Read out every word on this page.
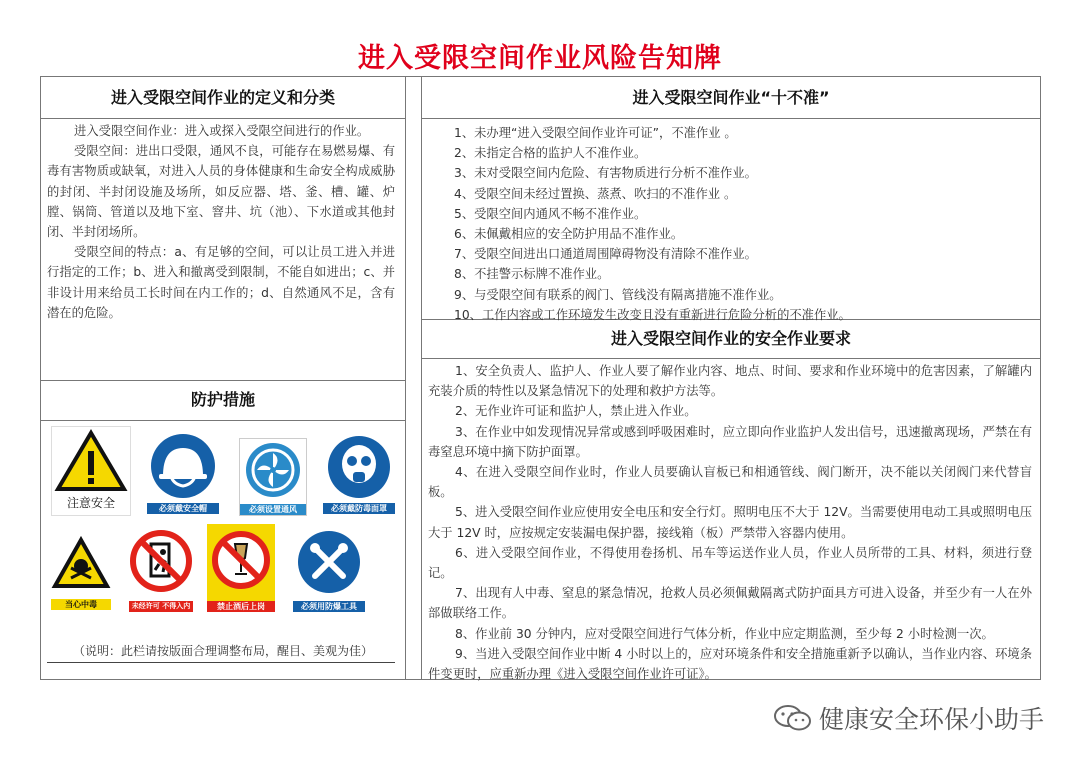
进入受限空间作业风险告知牌
进入受限空间作业的定义和分类

进入受限空间作业：进入或探入受限空间进行的作业。

受限空间：进出口受限，通风不良，可能存在易燃易爆、有毒有害物质或缺氧，对进入人员的身体健康和生命安全构成威胁的封闭、半封闭设施及场所，如反应器、塔、釜、槽、罐、炉膛、锅筒、管道以及地下室、窨井、坑（池）、下水道或其他封闭、半封闭场所。

受限空间的特点：a、有足够的空间，可以让员工进入并进行指定的工作；b、进入和撤离受到限制，不能自如进出；c、并非设计用来给员工长时间在内工作的；d、自然通风不足，含有潜在的危险。

防护措施
注意安全	必须戴安全帽	必须设置通风	必须戴防毒面罩
当心中毒	未经许可 不得入内	禁止酒后上岗	必须用防爆工具
（说明：此栏请按版面合理调整布局，醒目、美观为佳）
进入受限空间作业“十不准”
1、未办理“进入受限空间作业许可证”，不准作业 。
2、未指定合格的监护人不准作业。
3、未对受限空间内危险、有害物质进行分析不准作业。
4、受限空间未经过置换、蒸煮、吹扫的不准作业 。
5、受限空间内通风不畅不准作业。
6、未佩戴相应的安全防护用品不准作业。
7、受限空间进出口通道周围障碍物没有清除不准作业。
8、不挂警示标牌不准作业。
9、与受限空间有联系的阀门、管线没有隔离措施不准作业。
10、工作内容或工作环境发生改变且没有重新进行危险分析的不准作业。
进入受限空间作业的安全作业要求

1、安全负责人、监护人、作业人要了解作业内容、地点、时间、要求和作业环境中的危害因素，了解罐内充装介质的特性以及紧急情况下的处理和救护方法等。

2、无作业许可证和监护人，禁止进入作业。

3、在作业中如发现情况异常或感到呼吸困难时，应立即向作业监护人发出信号，迅速撤离现场，严禁在有毒窒息环境中摘下防护面罩。

4、在进入受限空间作业时，作业人员要确认盲板已和相通管线、阀门断开，决不能以关闭阀门来代替盲板。

5、进入受限空间作业应使用安全电压和安全行灯。照明电压不大于 12V。当需要使用电动工具或照明电压大于 12V 时，应按规定安装漏电保护器，接线箱（板）严禁带入容器内使用。

6、进入受限空间作业，不得使用卷扬机、吊车等运送作业人员，作业人员所带的工具、材料，须进行登记。

7、出现有人中毒、窒息的紧急情况，抢救人员必须佩戴隔离式防护面具方可进入设备，并至少有一人在外部做联络工作。

8、作业前 30 分钟内，应对受限空间进行气体分析，作业中应定期监测，至少每 2 小时检测一次。

9、当进入受限空间作业中断 4 小时以上的，应对环境条件和安全措施重新予以确认，当作业内容、环境条件变更时，应重新办理《进入受限空间作业许可证》。

健康安全环保小助手
